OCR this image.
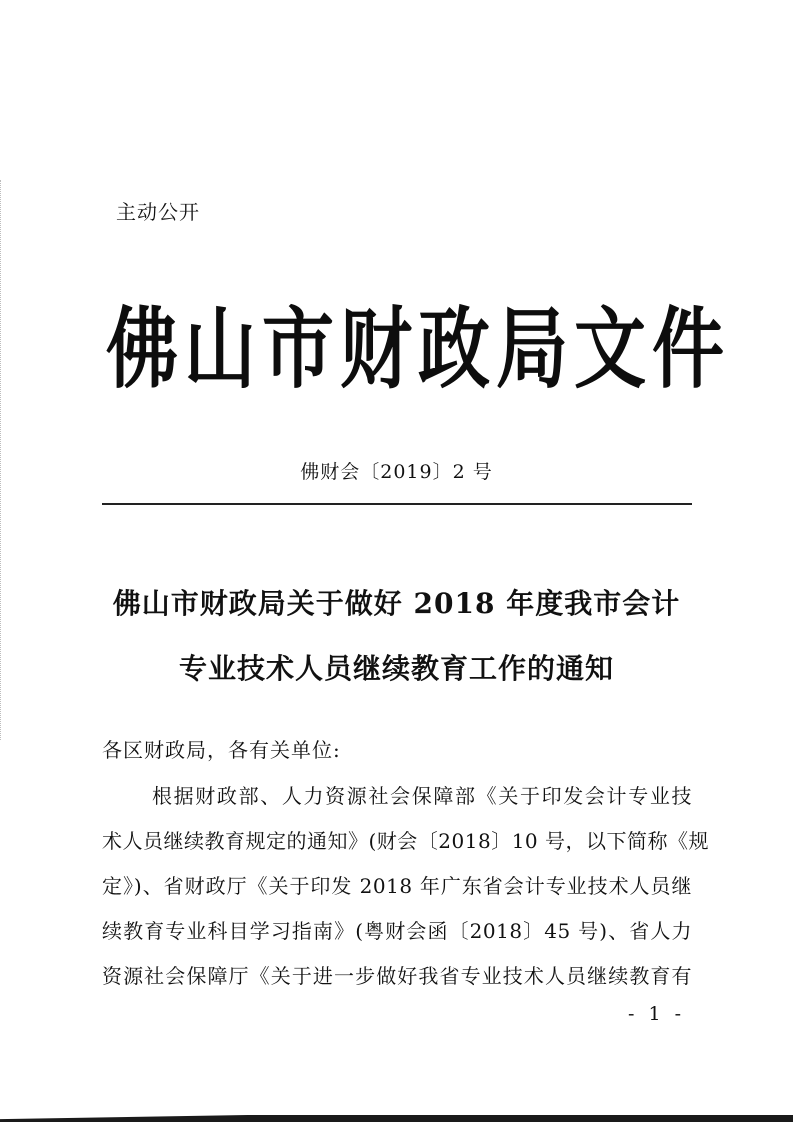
主动公开
佛山市财政局文件
佛财会〔2019〕2 号
佛山市财政局关于做好 2018 年度我市会计
专业技术人员继续教育工作的通知
各区财政局，各有关单位:
根据财政部、人力资源社会保障部《关于印发会计专业技
术人员继续教育规定的通知》(财会〔2018〕10 号，以下简称《规
定》)、省财政厅《关于印发 2018 年广东省会计专业技术人员继
续教育专业科目学习指南》(粤财会函〔2018〕45 号)、省人力
资源社会保障厅《关于进一步做好我省专业技术人员继续教育有
- 1 -
